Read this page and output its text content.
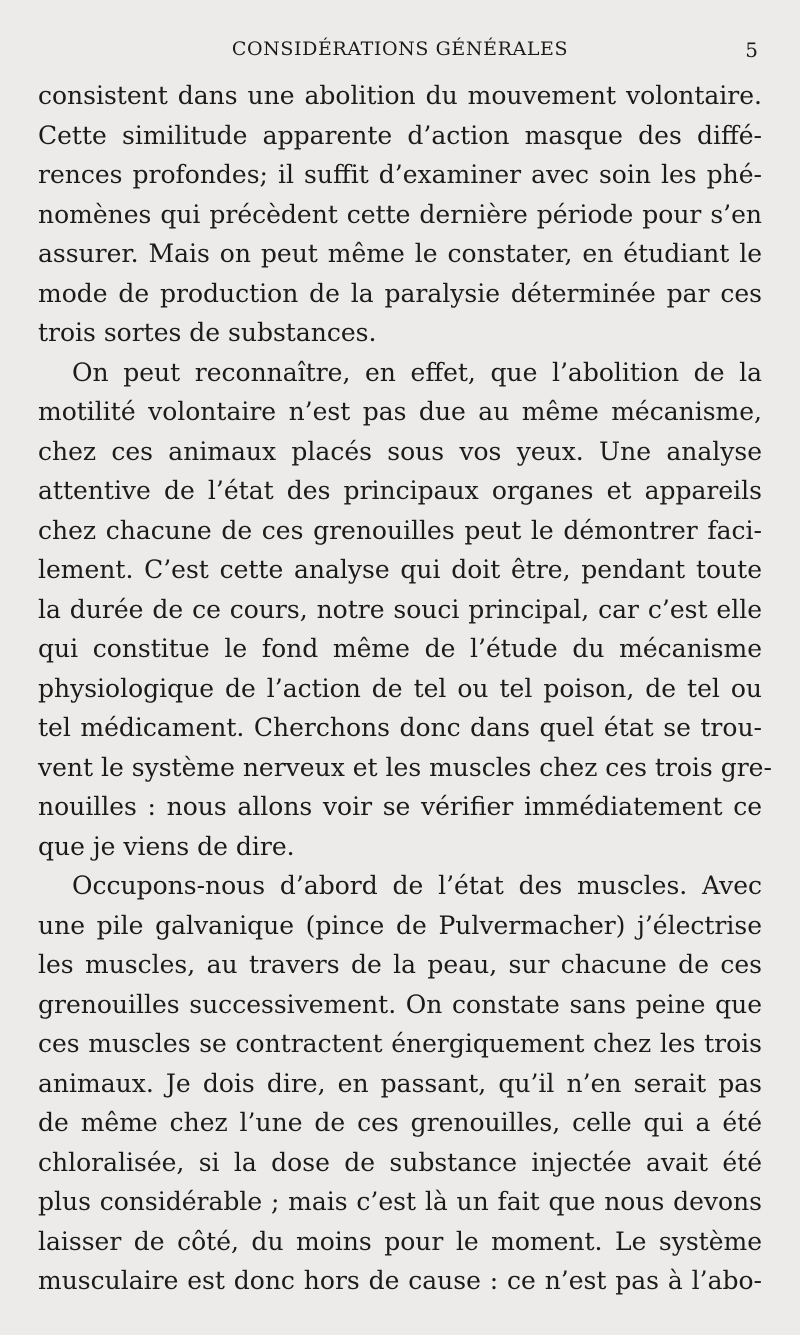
CONSIDÉRATIONS GÉNÉRALES	5
consistent dans une abolition du mouvement volontaire.
Cette similitude apparente d’action masque des diffé-
rences profondes; il suffit d’examiner avec soin les phé-
nomènes qui précèdent cette dernière période pour s’en
assurer. Mais on peut même le constater, en étudiant le
mode de production de la paralysie déterminée par ces
trois sortes de substances.
On peut reconnaître, en effet, que l’abolition de la
motilité volontaire n’est pas due au même mécanisme,
chez ces animaux placés sous vos yeux. Une analyse
attentive de l’état des principaux organes et appareils
chez chacune de ces grenouilles peut le démontrer faci-
lement. C’est cette analyse qui doit être, pendant toute
la durée de ce cours, notre souci principal, car c’est elle
qui constitue le fond même de l’étude du mécanisme
physiologique de l’action de tel ou tel poison, de tel ou
tel médicament. Cherchons donc dans quel état se trou-
vent le système nerveux et les muscles chez ces trois gre-
nouilles : nous allons voir se vérifier immédiatement ce
que je viens de dire.
Occupons-nous d’abord de l’état des muscles. Avec
une pile galvanique (pince de Pulvermacher) j’électrise
les muscles, au travers de la peau, sur chacune de ces
grenouilles successivement. On constate sans peine que
ces muscles se contractent énergiquement chez les trois
animaux. Je dois dire, en passant, qu’il n’en serait pas
de même chez l’une de ces grenouilles, celle qui a été
chloralisée, si la dose de substance injectée avait été
plus considérable ; mais c’est là un fait que nous devons
laisser de côté, du moins pour le moment. Le système
musculaire est donc hors de cause : ce n’est pas à l’abo-
